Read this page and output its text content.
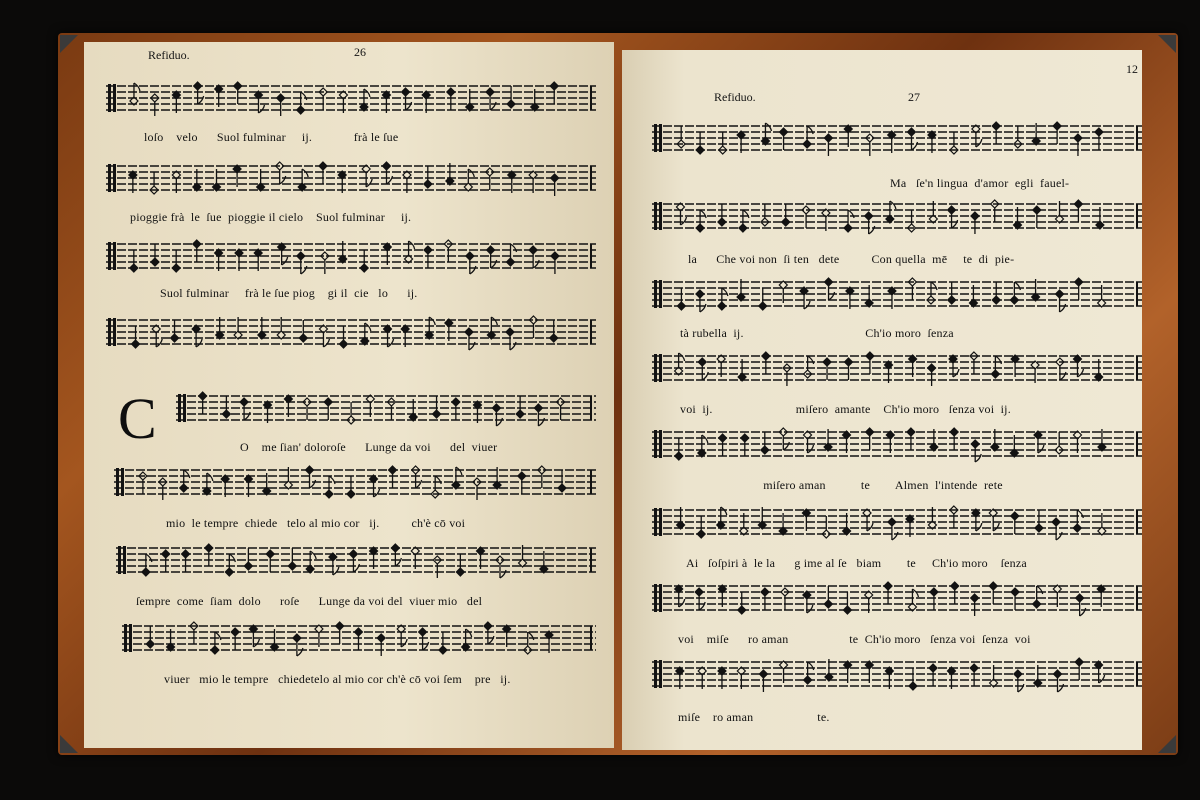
Refiduo.	26
loſo    velo      Suol fulminar     ij.             frà le ſue
pioggie frà  le  ſue  pioggie il cielo    Suol fulminar     ij.
Suol fulminar     frà le ſue piog    gi il  cie   lo      ij.
C	O    me ſian' doloroſe      Lunge da voi      del  viuer
mio  le tempre  chiede   telo al mio cor   ij.          ch'è cō voi
ſempre  come  ſiam  dolo      roſe      Lunge da voi del  viuer mio   del
viuer   mio le tempre   chiedetelo al mio cor ch'è cō voi ſem    pre   ij.
Refiduo.	27
12
Ma   ſe'n lingua  d'amor  egli  fauel-
la      Che voi non  ſi ten   dete          Con quella  mē     te  di  pie-
tà rubella  ij.                                      Ch'io moro  ſenza
voi  ij.                          miſero  amante    Ch'io moro   ſenza voi  ij.
miſero aman           te        Almen  l'intende  rete
Ai   ſoſpiri à  le la      g ime al ſe   biam        te     Ch'io moro    ſenza
voi    miſe      ro aman                   te  Ch'io moro   ſenza voi  ſenza  voi
miſe    ro aman                    te.
